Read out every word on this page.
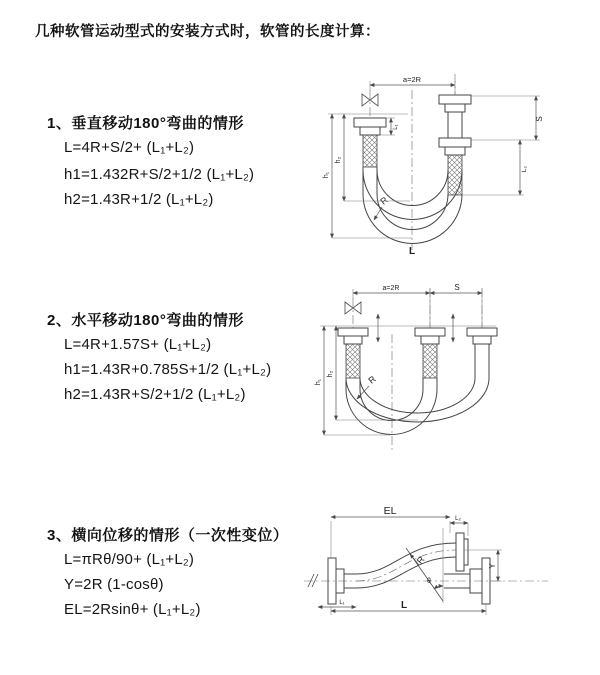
几种软管运动型式的安装方式时，软管的长度计算：
1、垂直移动180°弯曲的情形
L=4R+S/2+ (L₁+L₂)
h1=1.432R+S/2+1/2 (L₁+L₂)
h2=1.43R+1/2 (L₁+L₂)
2、水平移动180°弯曲的情形
L=4R+1.57S+ (L₁+L₂)
h1=1.43R+0.785S+1/2 (L₁+L₂)
h2=1.43R+S/2+1/2 (L₁+L₂)
3、横向位移的情形（一次性变位）
L=πRθ/90+ (L₁+L₂)
Y=2R (1-cosθ)
EL=2Rsinθ+ (L₁+L₂)
a=2R
R
h₁
h₂
L₁
S
L₂
L
a=2R	S
R
h₁
h₂
EL
L₂
Y
θ
R
L₁	L
